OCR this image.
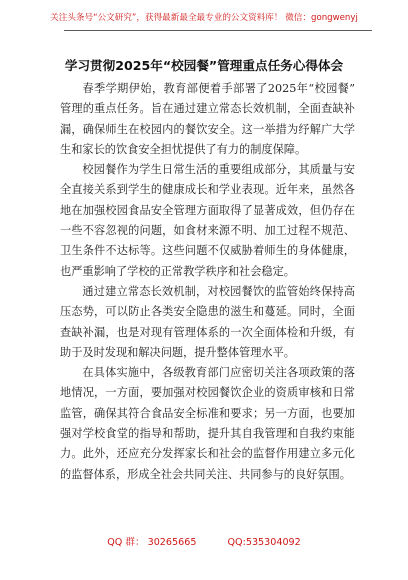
关注头条号“公文研究”，获得最新最全最专业的公文资料库！ 微信：gongwenyj
学习贯彻2025年“校园餐”管理重点任务心得体会

春季学期伊始，教育部便着手部署了2025年“校园餐”管理的重点任务。旨在通过建立常态长效机制，全面查缺补漏，确保师生在校园内的餐饮安全。这一举措为纾解广大学生和家长的饮食安全担忧提供了有力的制度保障。

校园餐作为学生日常生活的重要组成部分，其质量与安全直接关系到学生的健康成长和学业表现。近年来，虽然各地在加强校园食品安全管理方面取得了显著成效，但仍存在一些不容忽视的问题，如食材来源不明、加工过程不规范、卫生条件不达标等。这些问题不仅威胁着师生的身体健康，也严重影响了学校的正常教学秩序和社会稳定。

通过建立常态长效机制，对校园餐饮的监管始终保持高压态势，可以防止各类安全隐患的滋生和蔓延。同时，全面查缺补漏，也是对现有管理体系的一次全面体检和升级，有助于及时发现和解决问题，提升整体管理水平。

在具体实施中，各级教育部门应密切关注各项政策的落地情况，一方面，要加强对校园餐饮企业的资质审核和日常监管，确保其符合食品安全标准和要求；另一方面，也要加强对学校食堂的指导和帮助，提升其自我管理和自我约束能力。此外，还应充分发挥家长和社会的监督作用建立多元化的监督体系，形成全社会共同关注、共同参与的良好氛围。

QQ 群： 30265665	QQ:535304092
